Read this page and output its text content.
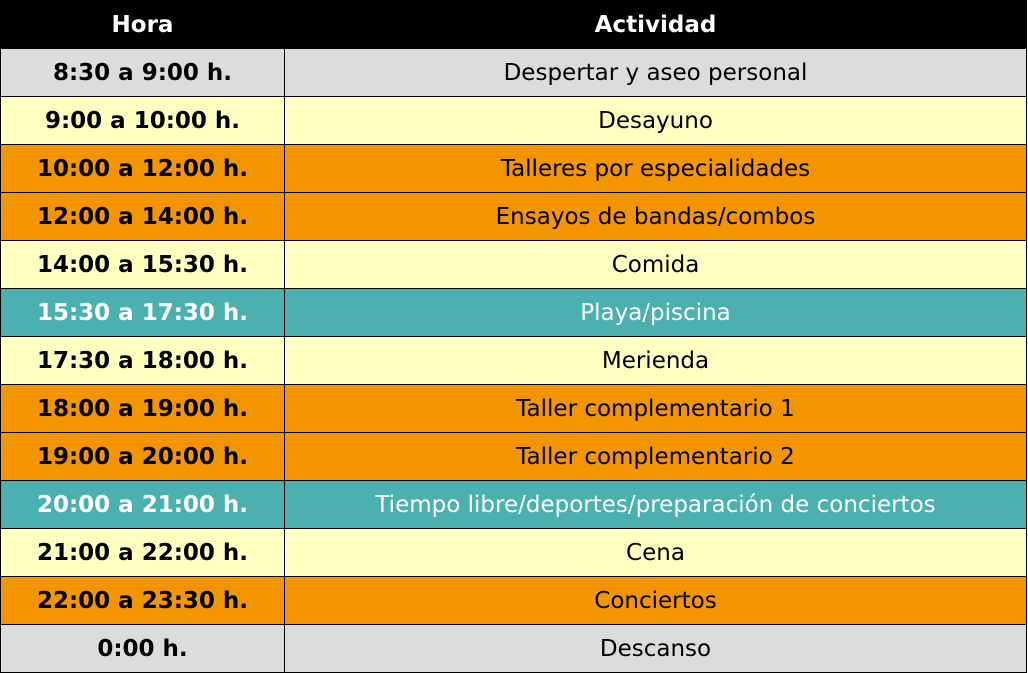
Hora	Actividad
8:30 a 9:00 h.	Despertar y aseo personal
9:00 a 10:00 h.	Desayuno
10:00 a 12:00 h.	Talleres por especialidades
12:00 a 14:00 h.	Ensayos de bandas/combos
14:00 a 15:30 h.	Comida
15:30 a 17:30 h.	Playa/piscina
17:30 a 18:00 h.	Merienda
18:00 a 19:00 h.	Taller complementario 1
19:00 a 20:00 h.	Taller complementario 2
20:00 a 21:00 h.	Tiempo libre/deportes/preparación de conciertos
21:00 a 22:00 h.	Cena
22:00 a 23:30 h.	Conciertos
0:00 h.	Descanso
